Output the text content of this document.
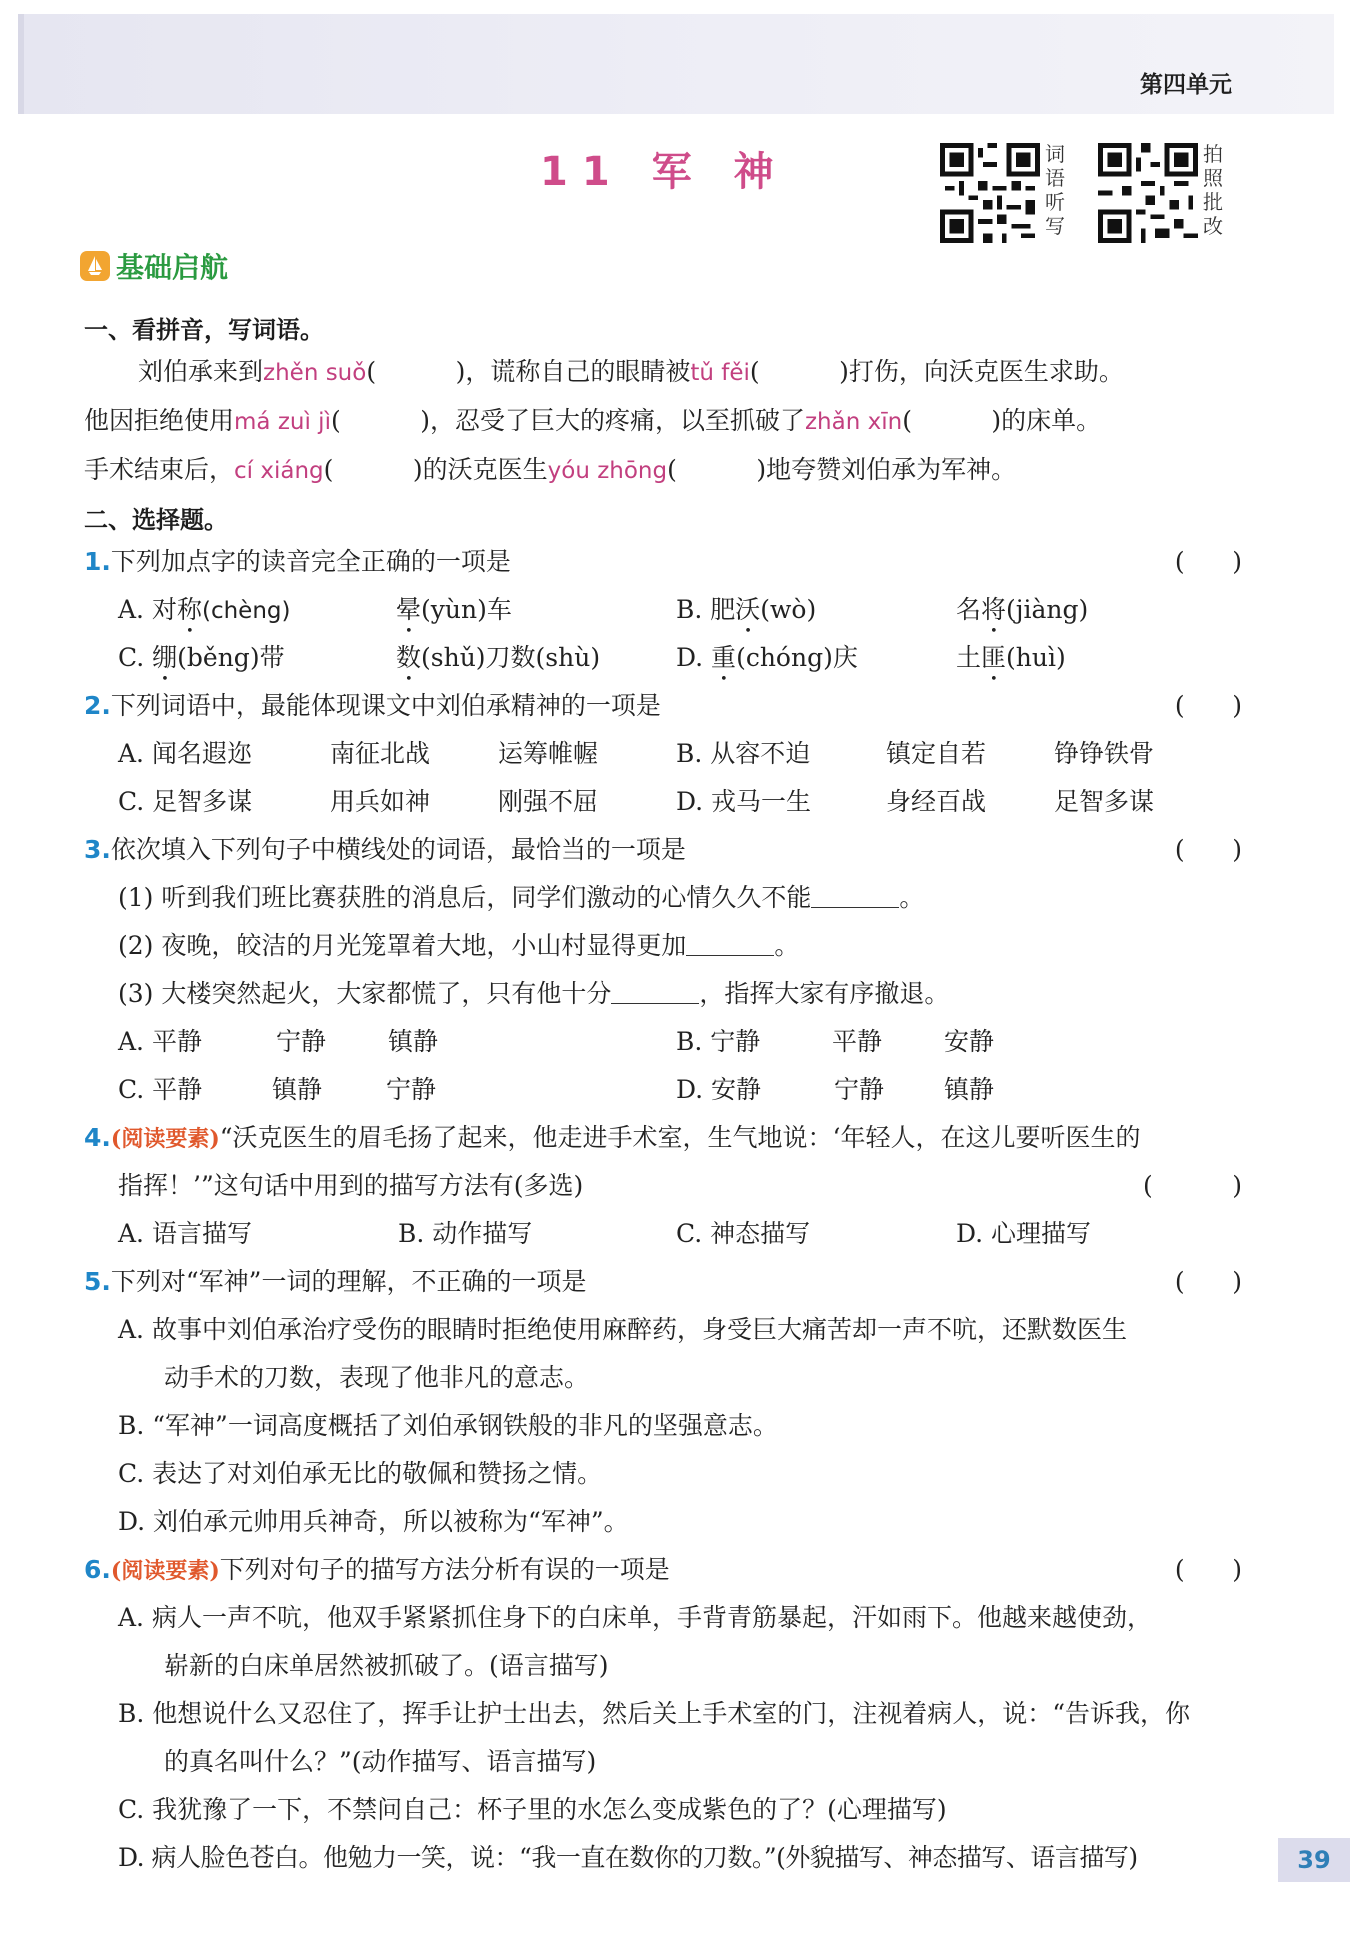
第四单元
11 军 神	词语听写
拍照批改
基础启航
一、看拼音，写词语。
刘伯承来到zhěn suǒ(          )，谎称自己的眼睛被tǔ fěi(          )打伤，向沃克医生求助。
他因拒绝使用má zuì jì(          )，忍受了巨大的疼痛，以至抓破了zhǎn xīn(          )的床单。
手术结束后，cí xiáng(          )的沃克医生yóu zhōng(          )地夸赞刘伯承为军神。
二、选择题。
1.下列加点字的读音完全正确的一项是	(      )
A. 对称(chèng)	晕(yùn)车	B. 肥沃(wò)	名将(jiàng)
C. 绷(běng)带	数(shǔ)刀数(shù)	D. 重(chóng)庆	土匪(huì)
2.下列词语中，最能体现课文中刘伯承精神的一项是	(      )
A. 闻名遐迩	南征北战	运筹帷幄	B. 从容不迫	镇定自若	铮铮铁骨
C. 足智多谋	用兵如神	刚强不屈	D. 戎马一生	身经百战	足智多谋
3.依次填入下列句子中横线处的词语，最恰当的一项是	(      )
(1) 听到我们班比赛获胜的消息后，同学们激动的心情久久不能	。
(2) 夜晚，皎洁的月光笼罩着大地，小山村显得更加	。
(3) 大楼突然起火，大家都慌了，只有他十分	，指挥大家有序撤退。
A. 平静	宁静 镇静	B. 宁静	平静 安静
C. 平静	镇静	宁静	D. 安静	宁静 镇静
4.(阅读要素)“沃克医生的眉毛扬了起来，他走进手术室，生气地说：‘年轻人，在这儿要听医生的
指挥！’”这句话中用到的描写方法有(多选)	(          )
A. 语言描写	B. 动作描写	C. 神态描写	D. 心理描写
5.下列对“军神”一词的理解，不正确的一项是	(      )
A. 故事中刘伯承治疗受伤的眼睛时拒绝使用麻醉药，身受巨大痛苦却一声不吭，还默数医生
动手术的刀数，表现了他非凡的意志。
B. “军神”一词高度概括了刘伯承钢铁般的非凡的坚强意志。
C. 表达了对刘伯承无比的敬佩和赞扬之情。
D. 刘伯承元帅用兵神奇，所以被称为“军神”。
6.(阅读要素)下列对句子的描写方法分析有误的一项是	(      )
A. 病人一声不吭，他双手紧紧抓住身下的白床单，手背青筋暴起，汗如雨下。他越来越使劲，
崭新的白床单居然被抓破了。(语言描写)
B. 他想说什么又忍住了，挥手让护士出去，然后关上手术室的门，注视着病人，说：“告诉我，你
的真名叫什么？”(动作描写、语言描写)
C. 我犹豫了一下，不禁问自己：杯子里的水怎么变成紫色的了？(心理描写)
D. 病人脸色苍白。他勉力一笑，说：“我一直在数你的刀数。”(外貌描写、神态描写、语言描写)	39
